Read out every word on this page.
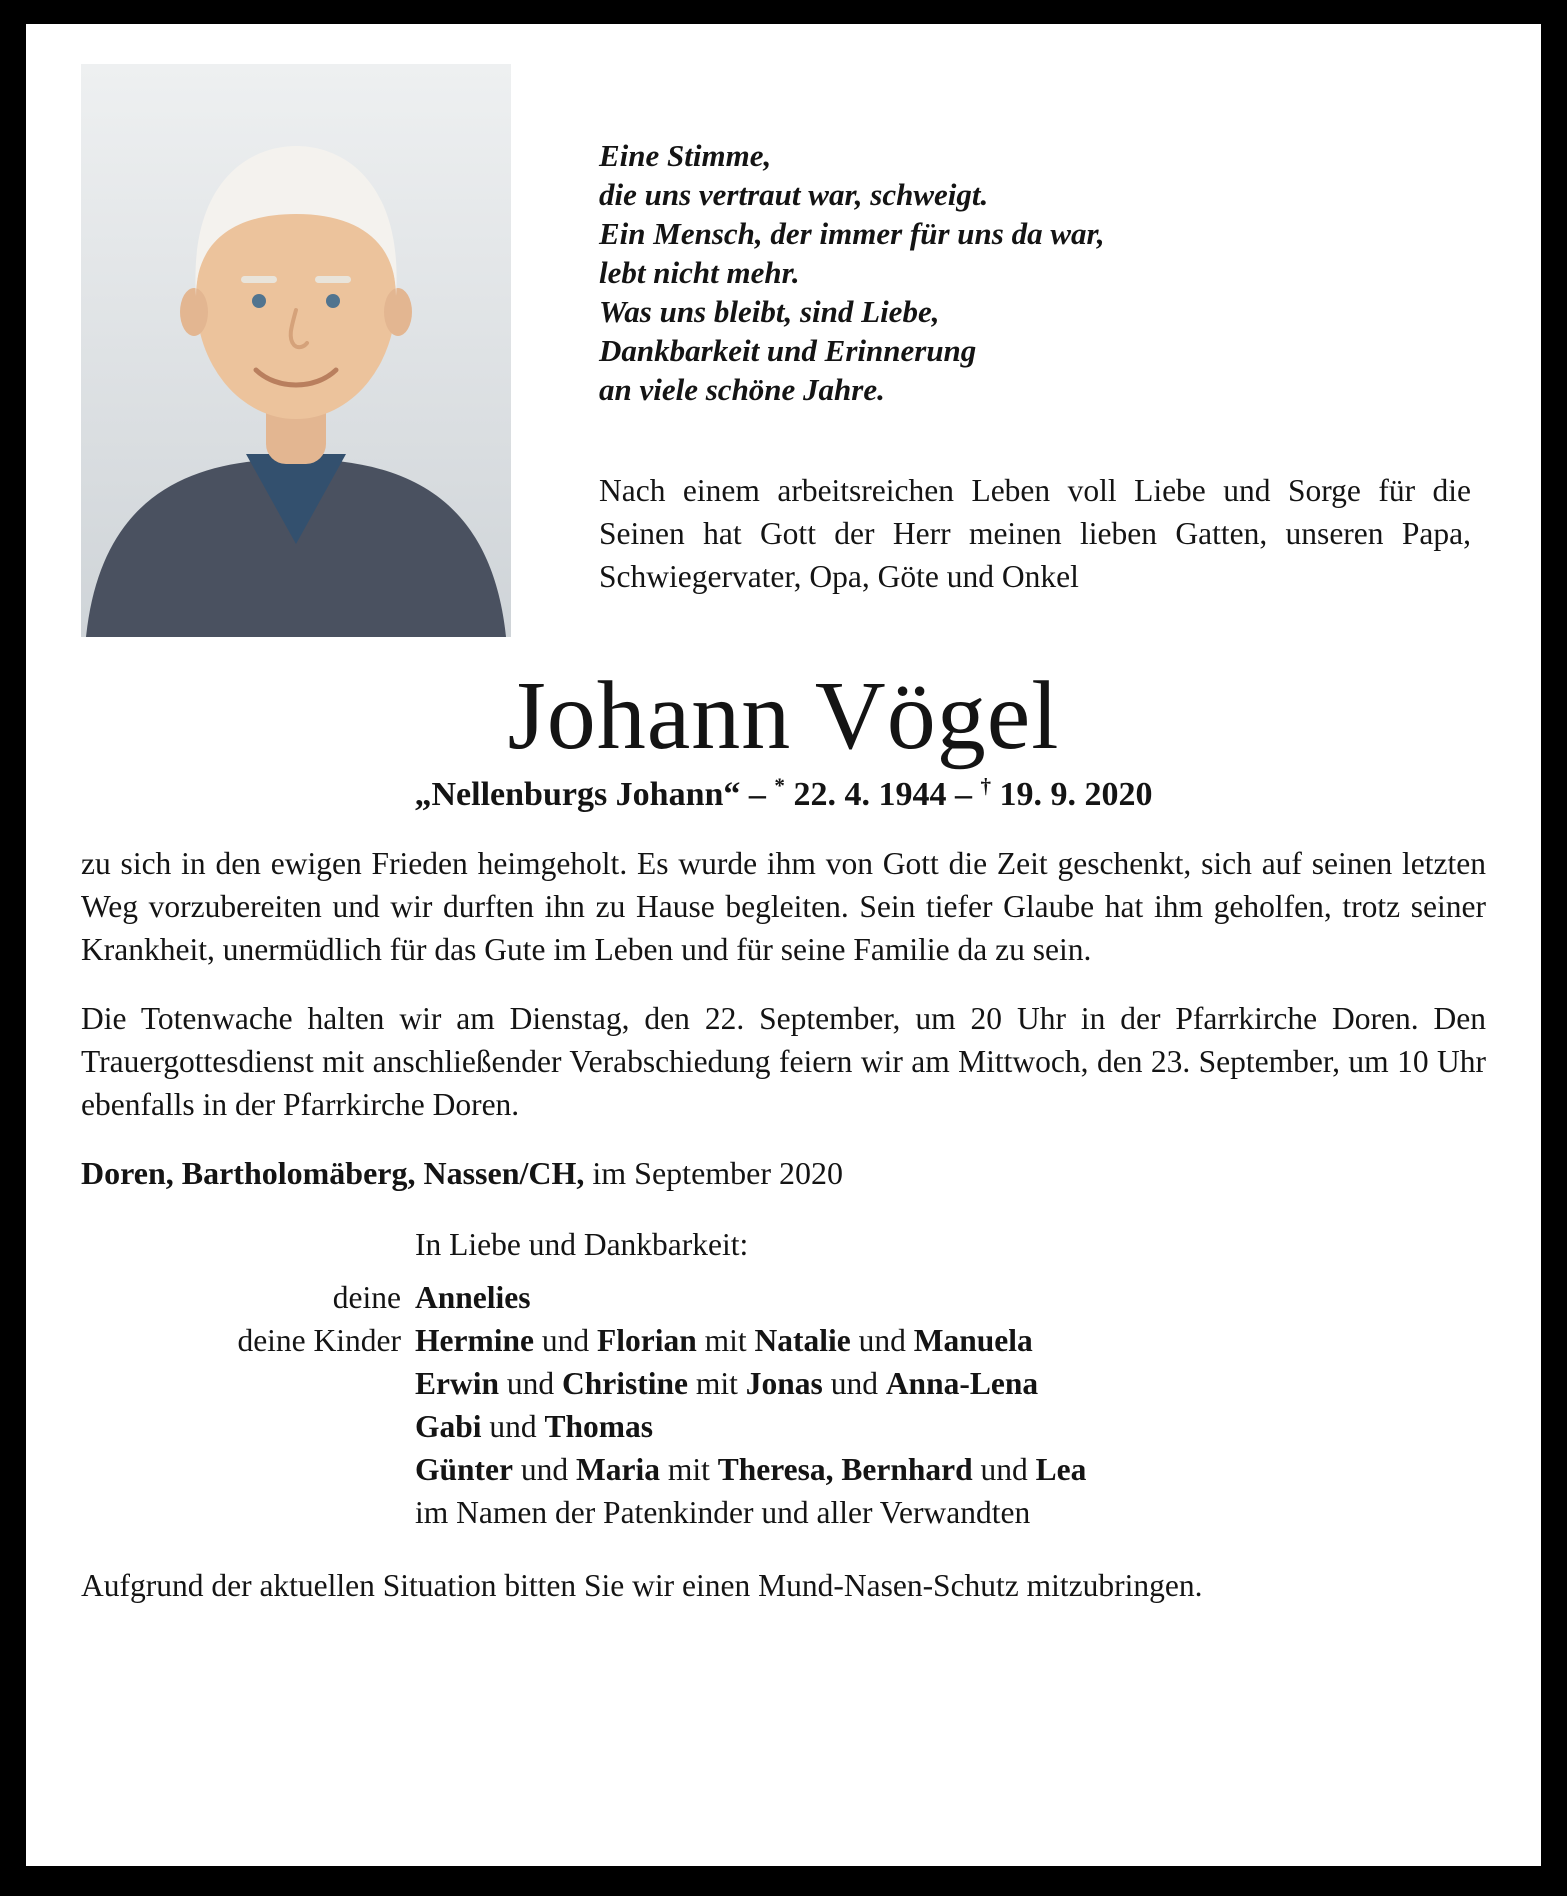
Eine Stimme,
die uns vertraut war, schweigt.
Ein Mensch, der immer für uns da war,
lebt nicht mehr.
Was uns bleibt, sind Liebe,
Dankbarkeit und Erinnerung
an viele schöne Jahre.

Nach einem arbeitsreichen Leben voll Liebe und Sorge für die Seinen hat Gott der Herr meinen lieben Gatten, unseren Papa, Schwiegervater, Opa, Göte und Onkel

Johann Vögel
„Nellenburgs Johann“ – * 22. 4. 1944 – † 19. 9. 2020

zu sich in den ewigen Frieden heimgeholt. Es wurde ihm von Gott die Zeit geschenkt, sich auf seinen letzten Weg vorzubereiten und wir durften ihn zu Hause begleiten. Sein tiefer Glaube hat ihm geholfen, trotz seiner Krankheit, unermüdlich für das Gute im Leben und für seine Familie da zu sein.

Die Totenwache halten wir am Dienstag, den 22. September, um 20 Uhr in der Pfarrkirche Doren. Den Trauergottesdienst mit anschließender Verabschiedung feiern wir am Mittwoch, den 23. September, um 10 Uhr ebenfalls in der Pfarrkirche Doren.

Doren, Bartholomäberg, Nassen/CH, im September 2020

In Liebe und Dankbarkeit:

deine Annelies
deine Kinder Hermine und Florian mit Natalie und Manuela
Erwin und Christine mit Jonas und Anna-Lena
Gabi und Thomas
Günter und Maria mit Theresa, Bernhard und Lea
im Namen der Patenkinder und aller Verwandten

Aufgrund der aktuellen Situation bitten Sie wir einen Mund-Nasen-Schutz mitzubringen.
